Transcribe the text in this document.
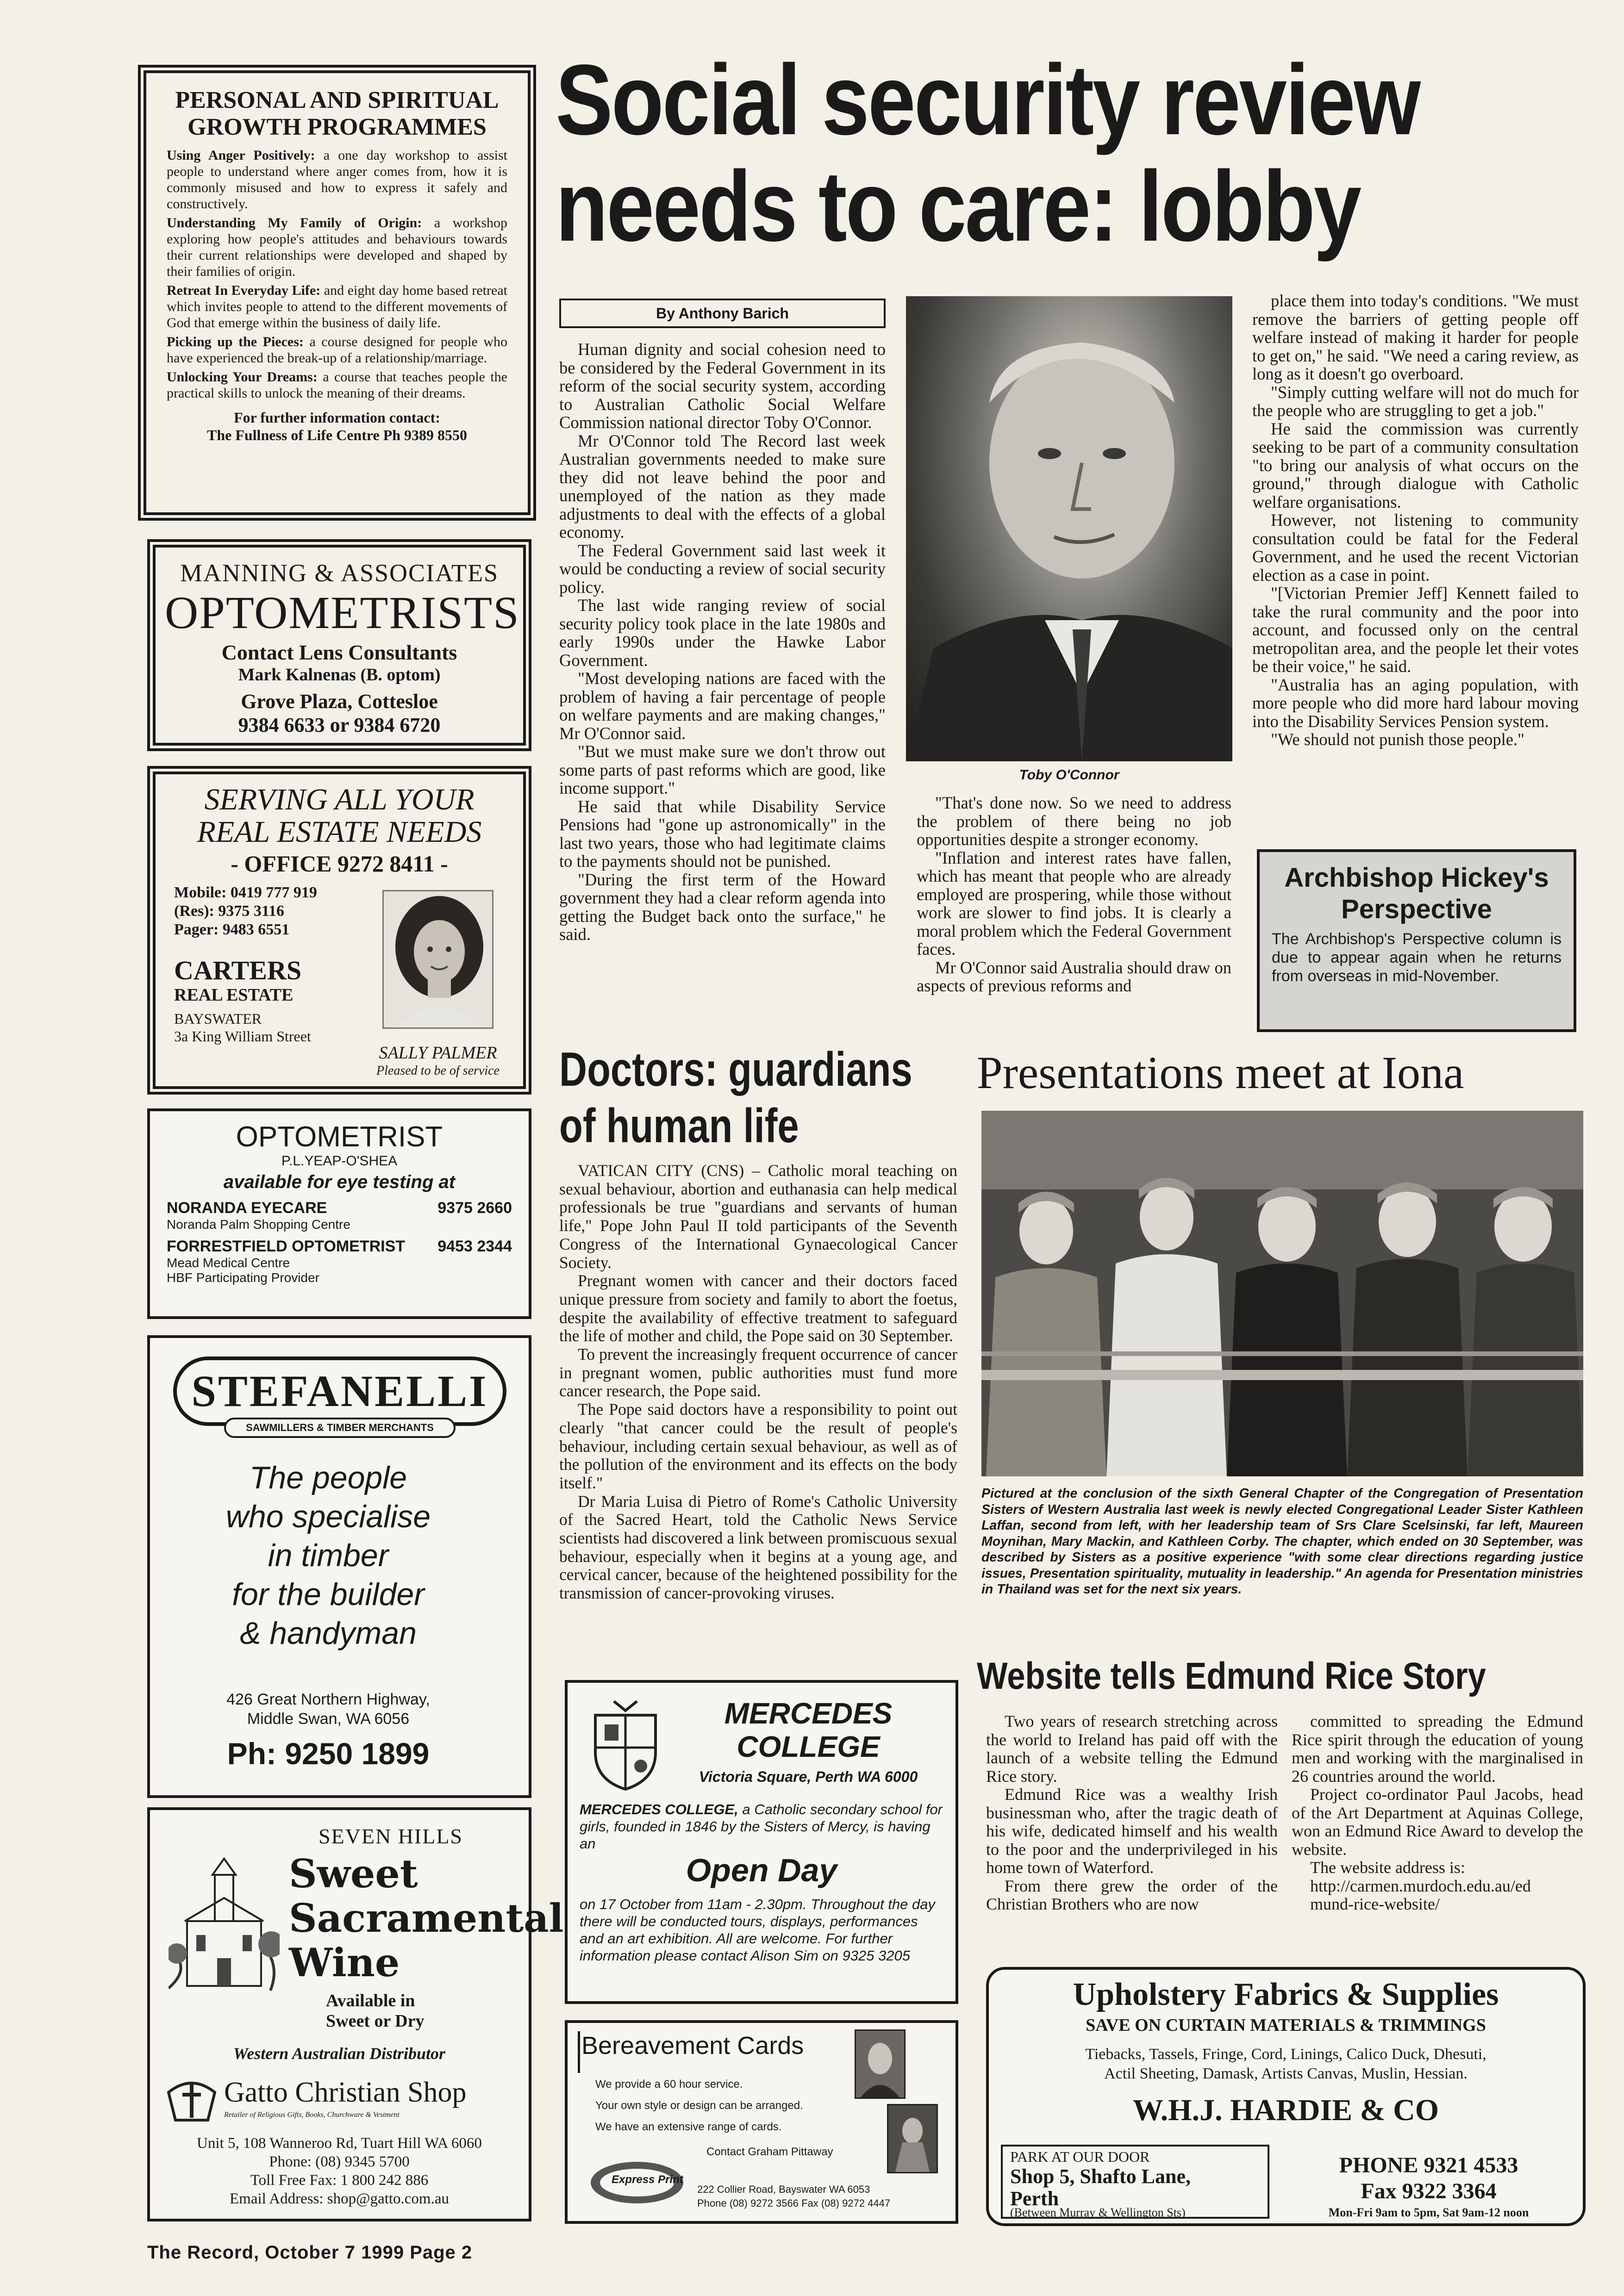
PERSONAL AND SPIRITUAL
GROWTH PROGRAMMES
Using Anger Positively: a one day workshop to assist people to understand where anger comes from, how it is commonly misused and how to express it safely and constructively.
Understanding My Family of Origin: a workshop exploring how people's attitudes and behaviours towards their current relationships were developed and shaped by their families of origin.
Retreat In Everyday Life: and eight day home based retreat which invites people to attend to the different movements of God that emerge within the business of daily life.
Picking up the Pieces: a course designed for people who have experienced the break-up of a relationship/marriage.
Unlocking Your Dreams: a course that teaches people the practical skills to unlock the meaning of their dreams.
For further information contact:
The Fullness of Life Centre Ph 9389 8550
MANNING & ASSOCIATES
OPTOMETRISTS
Contact Lens Consultants
Mark Kalnenas (B. optom)
Grove Plaza, Cottesloe
9384 6633 or 9384 6720
SERVING ALL YOUR
REAL ESTATE NEEDS
- OFFICE 9272 8411 -
Mobile: 0419 777 919
(Res): 9375 3116
Pager: 9483 6551
CARTERS
REAL ESTATE
BAYSWATER
3a King William Street
SALLY PALMER
Pleased to be of service
OPTOMETRIST
P.L.YEAP-O'SHEA
available for eye testing at
NORANDA EYECARE	9375 2660
Noranda Palm Shopping Centre
FORRESTFIELD OPTOMETRIST 9453 2344
Mead Medical Centre
HBF Participating Provider
STEFANELLI
SAWMILLERS & TIMBER MERCHANTS
The people
who specialise
in timber
for the builder
& handyman
426 Great Northern Highway,
Middle Swan, WA 6056
Ph: 9250 1899
SEVEN HILLS
Sweet
Sacramental
Wine
Available in
Sweet or Dry
Western Australian Distributor
Gatto Christian Shop
Retailer of Religious Gifts, Books, Churchware & Vestment
Unit 5, 108 Wanneroo Rd, Tuart Hill WA 6060
Phone: (08) 9345 5700
Toll Free Fax: 1 800 242 886
Email Address: shop@gatto.com.au
The Record, October 7 1999 Page 2
Social security review
needs to care: lobby
By Anthony Barich

Human dignity and social cohesion need to be considered by the Federal Government in its reform of the social security system, according to Australian Catholic Social Welfare Commission national director Toby O'Connor.

Mr O'Connor told The Record last week Australian governments needed to make sure they did not leave behind the poor and unemployed of the nation as they made adjustments to deal with the effects of a global economy.

The Federal Government said last week it would be conducting a review of social security policy.

The last wide ranging review of social security policy took place in the late 1980s and early 1990s under the Hawke Labor Government.

"Most developing nations are faced with the problem of having a fair percentage of people on welfare payments and are making changes," Mr O'Connor said.

"But we must make sure we don't throw out some parts of past reforms which are good, like income support."

He said that while Disability Service Pensions had "gone up astronomically" in the last two years, those who had legitimate claims to the payments should not be punished.

"During the first term of the Howard government they had a clear reform agenda into getting the Budget back onto the surface," he said.

Toby O'Connor

"That's done now. So we need to address the problem of there being no job opportunities despite a stronger economy.

"Inflation and interest rates have fallen, which has meant that people who are already employed are prospering, while those without work are slower to find jobs. It is clearly a moral problem which the Federal Government faces.

Mr O'Connor said Australia should draw on aspects of previous reforms and

place them into today's conditions. "We must remove the barriers of getting people off welfare instead of making it harder for people to get on," he said. "We need a caring review, as long as it doesn't go overboard.

"Simply cutting welfare will not do much for the people who are struggling to get a job."

He said the commission was currently seeking to be part of a community consultation "to bring our analysis of what occurs on the ground," through dialogue with Catholic welfare organisations.

However, not listening to community consultation could be fatal for the Federal Government, and he used the recent Victorian election as a case in point.

"[Victorian Premier Jeff] Kennett failed to take the rural community and the poor into account, and focussed only on the central metropolitan area, and the people let their votes be their voice," he said.

"Australia has an aging population, with more people who did more hard labour moving into the Disability Services Pension system.

"We should not punish those people."

Archbishop Hickey's
Perspective
The Archbishop's Perspective column is due to appear again when he returns from overseas in mid-November.
Doctors: guardians
of human life

VATICAN CITY (CNS) – Catholic moral teaching on sexual behaviour, abortion and euthanasia can help medical professionals be true "guardians and servants of human life," Pope John Paul II told participants of the Seventh Congress of the International Gynaecological Cancer Society.

Pregnant women with cancer and their doctors faced unique pressure from society and family to abort the foetus, despite the availability of effective treatment to safeguard the life of mother and child, the Pope said on 30 September.

To prevent the increasingly frequent occurrence of cancer in pregnant women, public authorities must fund more cancer research, the Pope said.

The Pope said doctors have a responsibility to point out clearly "that cancer could be the result of people's behaviour, including certain sexual behaviour, as well as of the pollution of the environment and its effects on the body itself."

Dr Maria Luisa di Pietro of Rome's Catholic University of the Sacred Heart, told the Catholic News Service scientists had discovered a link between promiscuous sexual behaviour, especially when it begins at a young age, and cervical cancer, because of the heightened possibility for the transmission of cancer-provoking viruses.

Presentations meet at Iona
Pictured at the conclusion of the sixth General Chapter of the Congregation of Presentation Sisters of Western Australia last week is newly elected Congregational Leader Sister Kathleen Laffan, second from left, with her leadership team of Srs Clare Scelsinski, far left, Maureen Moynihan, Mary Mackin, and Kathleen Corby. The chapter, which ended on 30 September, was described by Sisters as a positive experience "with some clear directions regarding justice issues, Presentation spirituality, mutuality in leadership." An agenda for Presentation ministries in Thailand was set for the next six years.
Website tells Edmund Rice Story

Two years of research stretching across the world to Ireland has paid off with the launch of a website telling the Edmund Rice story.

Edmund Rice was a wealthy Irish businessman who, after the tragic death of his wife, dedicated himself and his wealth to the poor and the underprivileged in his home town of Waterford.

From there grew the order of the Christian Brothers who are now

committed to spreading the Edmund Rice spirit through the education of young men and working with the marginalised in 26 countries around the world.

Project co-ordinator Paul Jacobs, head of the Art Department at Aquinas College, won an Edmund Rice Award to develop the website.

The website address is:

http://carmen.murdoch.edu.au/ed
mund-rice-website/
MERCEDES
COLLEGE
Victoria Square, Perth WA 6000
MERCEDES COLLEGE, a Catholic secondary school for girls, founded in 1846 by the Sisters of Mercy, is having an
Open Day
on 17 October from 11am - 2.30pm. Throughout the day there will be conducted tours, displays, performances and an art exhibition. All are welcome. For further information please contact Alison Sim on 9325 3205
Bereavement Cards
We provide a 60 hour service.
Your own style or design can be arranged.
We have an extensive range of cards.
Contact Graham Pittaway
Express Print
222 Collier Road, Bayswater WA 6053
Phone (08) 9272 3566 Fax (08) 9272 4447
Upholstery Fabrics & Supplies
SAVE ON CURTAIN MATERIALS & TRIMMINGS
Tiebacks, Tassels, Fringe, Cord, Linings, Calico Duck, Dhesuti,
Actil Sheeting, Damask, Artists Canvas, Muslin, Hessian.
W.H.J. HARDIE & CO
PARK AT OUR DOOR
Shop 5, Shafto Lane,
Perth
(Between Murray & Wellington Sts)
PHONE 9321 4533
Fax 9322 3364
Mon-Fri 9am to 5pm, Sat 9am-12 noon
